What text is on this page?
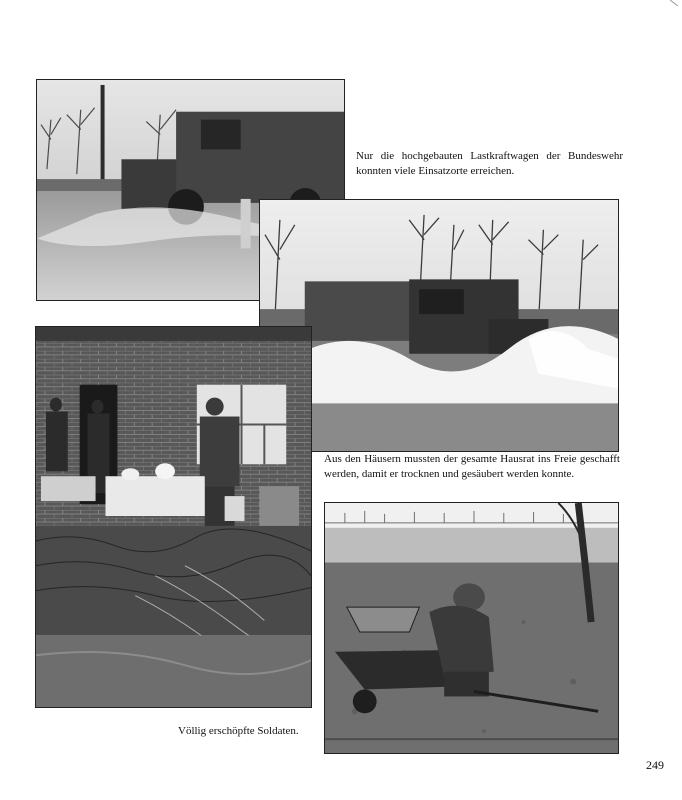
Nur die hochgebauten Lastkraftwagen der Bundeswehr konnten viele Einsatzorte erreichen.
Aus den Häusern mussten der gesamte Hausrat ins Freie geschafft werden, damit er trocknen und gesäubert werden konnte.
Völlig erschöpfte Soldaten.
249
